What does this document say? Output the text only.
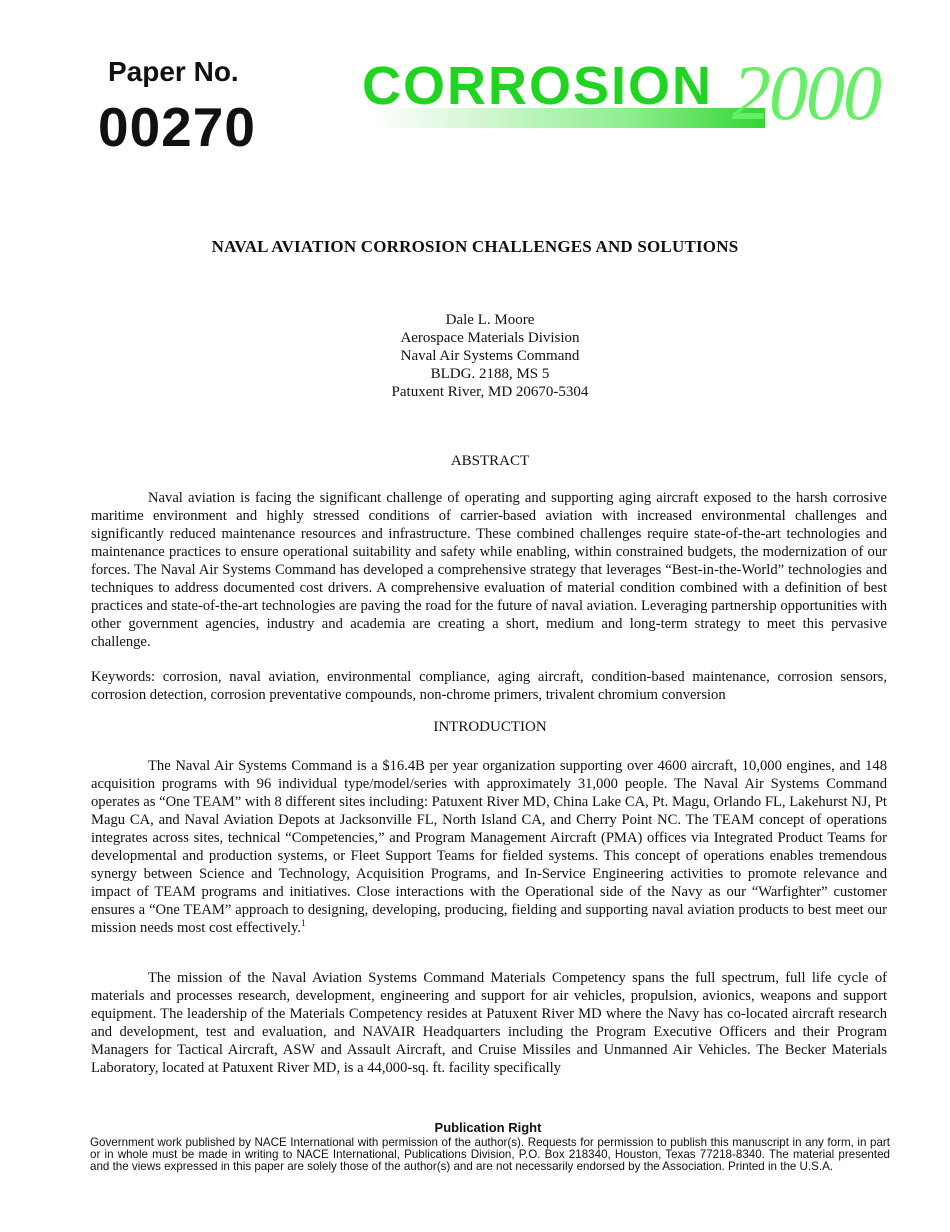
Paper No.
00270
CORROSION 2000
NAVAL AVIATION CORROSION CHALLENGES AND SOLUTIONS
Dale L. Moore
Aerospace Materials Division
Naval Air Systems Command
BLDG. 2188, MS 5
Patuxent River, MD 20670-5304
ABSTRACT

Naval aviation is facing the significant challenge of operating and supporting aging aircraft exposed to the harsh corrosive maritime environment and highly stressed conditions of carrier-based aviation with increased environmental challenges and significantly reduced maintenance resources and infrastructure. These combined challenges require state-of-the-art technologies and maintenance practices to ensure operational suitability and safety while enabling, within constrained budgets, the modernization of our forces. The Naval Air Systems Command has developed a comprehensive strategy that leverages “Best-in-the-World” technologies and techniques to address documented cost drivers. A comprehensive evaluation of material condition combined with a definition of best practices and state-of-the-art technologies are paving the road for the future of naval aviation. Leveraging partnership opportunities with other government agencies, industry and academia are creating a short, medium and long-term strategy to meet this pervasive challenge.

Keywords: corrosion, naval aviation, environmental compliance, aging aircraft, condition-based maintenance, corrosion sensors, corrosion detection, corrosion preventative compounds, non-chrome primers, trivalent chromium conversion

INTRODUCTION

The Naval Air Systems Command is a $16.4B per year organization supporting over 4600 aircraft, 10,000 engines, and 148 acquisition programs with 96 individual type/model/series with approximately 31,000 people. The Naval Air Systems Command operates as “One TEAM” with 8 different sites including: Patuxent River MD, China Lake CA, Pt. Magu, Orlando FL, Lakehurst NJ, Pt Magu CA, and Naval Aviation Depots at Jacksonville FL, North Island CA, and Cherry Point NC. The TEAM concept of operations integrates across sites, technical “Competencies,” and Program Management Aircraft (PMA) offices via Integrated Product Teams for developmental and production systems, or Fleet Support Teams for fielded systems. This concept of operations enables tremendous synergy between Science and Technology, Acquisition Programs, and In-Service Engineering activities to promote relevance and impact of TEAM programs and initiatives. Close interactions with the Operational side of the Navy as our “Warfighter” customer ensures a “One TEAM” approach to designing, developing, producing, fielding and supporting naval aviation products to best meet our mission needs most cost effectively.$^1$

The mission of the Naval Aviation Systems Command Materials Competency spans the full spectrum, full life cycle of materials and processes research, development, engineering and support for air vehicles, propulsion, avionics, weapons and support equipment. The leadership of the Materials Competency resides at Patuxent River MD where the Navy has co-located aircraft research and development, test and evaluation, and NAVAIR Headquarters including the Program Executive Officers and their Program Managers for Tactical Aircraft, ASW and Assault Aircraft, and Cruise Missiles and Unmanned Air Vehicles. The Becker Materials Laboratory, located at Patuxent River MD, is a 44,000-sq. ft. facility specifically

Publication Right

Government work published by NACE International with permission of the author(s). Requests for permission to publish this manuscript in any form, in part or in whole must be made in writing to NACE International, Publications Division, P.O. Box 218340, Houston, Texas 77218-8340. The material presented and the views expressed in this paper are solely those of the author(s) and are not necessarily endorsed by the Association. Printed in the U.S.A.
